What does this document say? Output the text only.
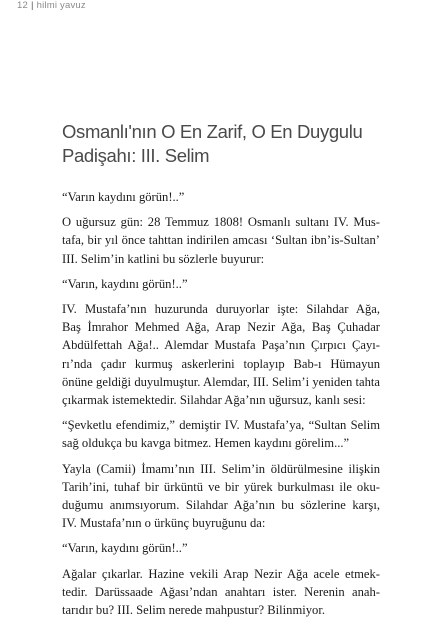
12 | hilmi yavuz
Osmanlı'nın O En Zarif, O En Duygulu
Padişahı: III. Selim

“Varın kaydını görün!..”

O uğursuz gün: 28 Temmuz 1808! Osmanlı sultanı IV. Mus-
tafa, bir yıl önce tahttan indirilen amcası ‘Sultan ibn’is-Sultan’
III. Selim’in katlini bu sözlerle buyurur:

“Varın, kaydını görün!..”

IV. Mustafa’nın huzurunda duruyorlar işte: Silahdar Ağa,
Baş İmrahor Mehmed Ağa, Arap Nezir Ağa, Baş Çuhadar
Abdülfettah Ağa!.. Alemdar Mustafa Paşa’nın Çırpıcı Çayı-
rı’nda çadır kurmuş askerlerini toplayıp Bab-ı Hümayun
önüne geldiği duyulmuştur. Alemdar, III. Selim’i yeniden tahta
çıkarmak istemektedir. Silahdar Ağa’nın uğursuz, kanlı sesi:

“Şevketlu efendimiz,” demiştir IV. Mustafa’ya, “Sultan Selim
sağ oldukça bu kavga bitmez. Hemen kaydını görelim...”

Yayla (Camii) İmamı’nın III. Selim’in öldürülmesine ilişkin
Tarih’ini, tuhaf bir ürküntü ve bir yürek burkulması ile oku-
duğumu anımsıyorum. Silahdar Ağa’nın bu sözlerine karşı,
IV. Mustafa’nın o ürkünç buyruğunu da:

“Varın, kaydını görün!..”

Ağalar çıkarlar. Hazine vekili Arap Nezir Ağa acele etmek-
tedir. Darüssaade Ağası’ndan anahtarı ister. Nerenin anah-
tarıdır bu? III. Selim nerede mahpustur? Bilinmiyor.
